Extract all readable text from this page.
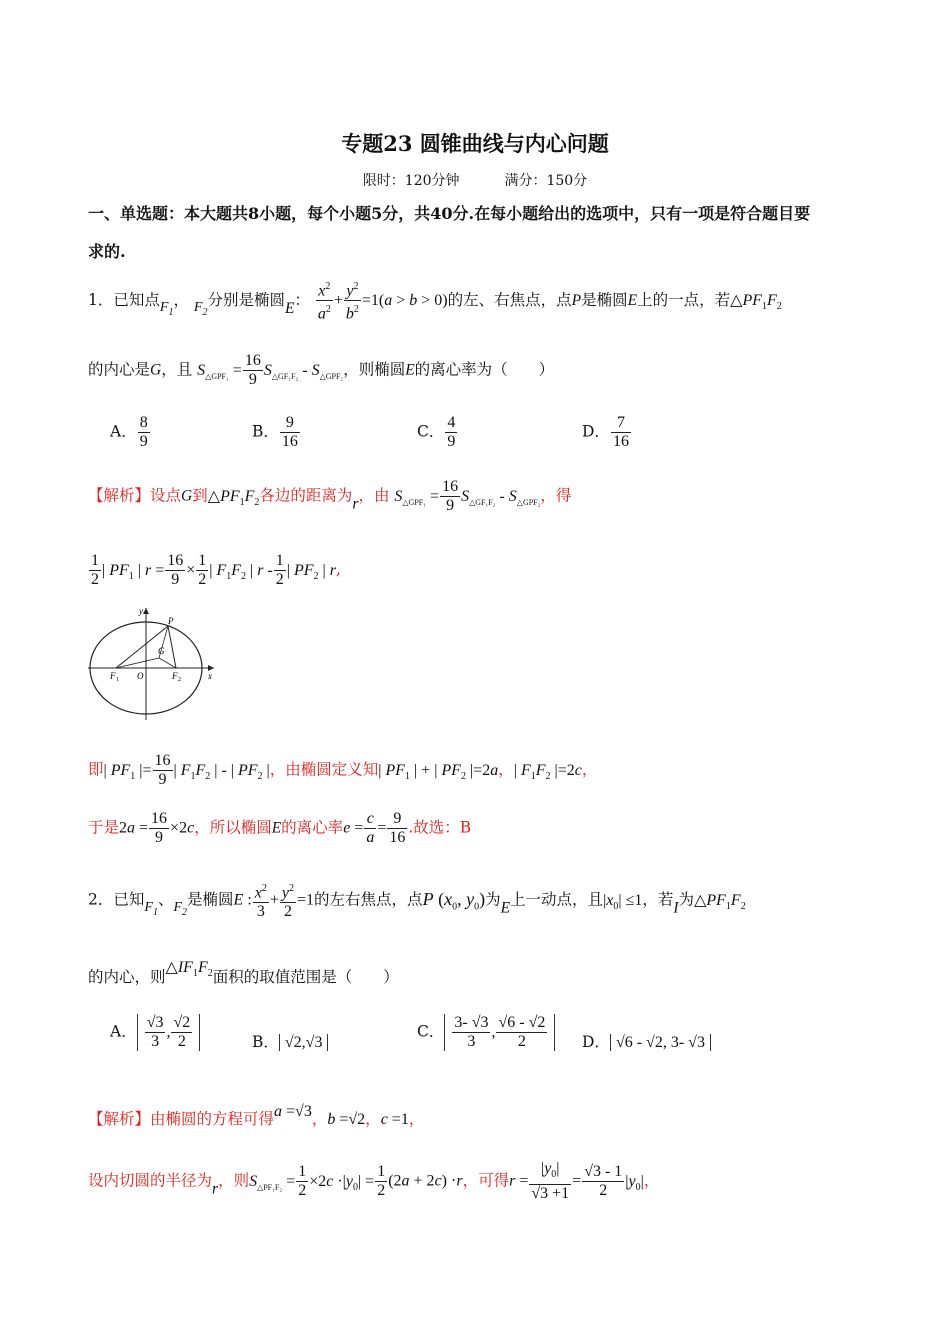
专题23 圆锥曲线与内心问题
限时：120分钟	满分：150分
一、单选题：本大题共8小题，每个小题5分，共40分.在每小题给出的选项中，只有一项是符合题目要
求的.
1．已知点$F_1$， $F_2$分别是椭圆E： $\frac{x^2}{a^2} + \frac{y^2}{b^2} =1(a > b > 0)$的左、右焦点，点P是椭圆E上的一点，若$\triangle PF_1F_2$
的内心是G，且 $S_{\triangle GPF_1} = \frac{16}{9} S_{\triangle GF_1F_2} - S_{\triangle GPF_2}$，则椭圆E的离心率为（　　）
A． $\frac{8}{9}$	B． $\frac{9}{16}$	C． $\frac{4}{9}$	D． $\frac{7}{16}$
【解析】设点G到$\triangle PF_1F_2$各边的距离为r，由 $S_{\triangle GPF_1} = \frac{16}{9} S_{\triangle GF_1F_2} - S_{\triangle GPF_2}$，得
$\frac{1}{2}$ | $PF_1$ | $r = \frac{16}{9} \times \frac{1}{2}$ | $F_1F_2$ | r - $\frac{1}{2}$ | $PF_2$ | r,
P
G
F 1 O	F 2	x
y
即| $PF_1$ |= $\frac{16}{9}$ | $F_1F_2$ | - | $PF_2$ |，由椭圆定义知| $PF_1$ | + | $PF_2$ |=2a，| $F_1F_2$ |=2c，
于是$2a = \frac{16}{9} \times 2c$，所以椭圆E的离心率$e = \frac{c}{a} = \frac{9}{16}$ .故选：B
2．已知$F_1$、$F_2$是椭圆E : $\frac{x^2}{3} + \frac{y^2}{2} =1$的左右焦点，点P ($x_0$, $y_0$)为E上一动点，且$|x_0| \le 1$，若I为$\triangle PF_1F_2$
的内心，则$\triangle IF_1F_2$面积的取值范围是（　　）
A． $\frac{√3}{3}$ , $\frac{√2}{2}$	B． √2,√3
C． $\frac{3- √3}{3}$ , $\frac{√6 - √2}{2}$ D． √6 - √2, 3- √3
【解析】由椭圆的方程可得a =√3，b =√2，c =1，
设内切圆的半径为r，则$S_{\triangle PF_1F_2} = \frac{1}{2} \times 2c \cdot|y_0| = \frac{1}{2} (2a + 2c) \cdot r$，可得$r = \frac{|y_0|}{√3 +1} = \frac{√3 - 1}{2} |y_0|$，
